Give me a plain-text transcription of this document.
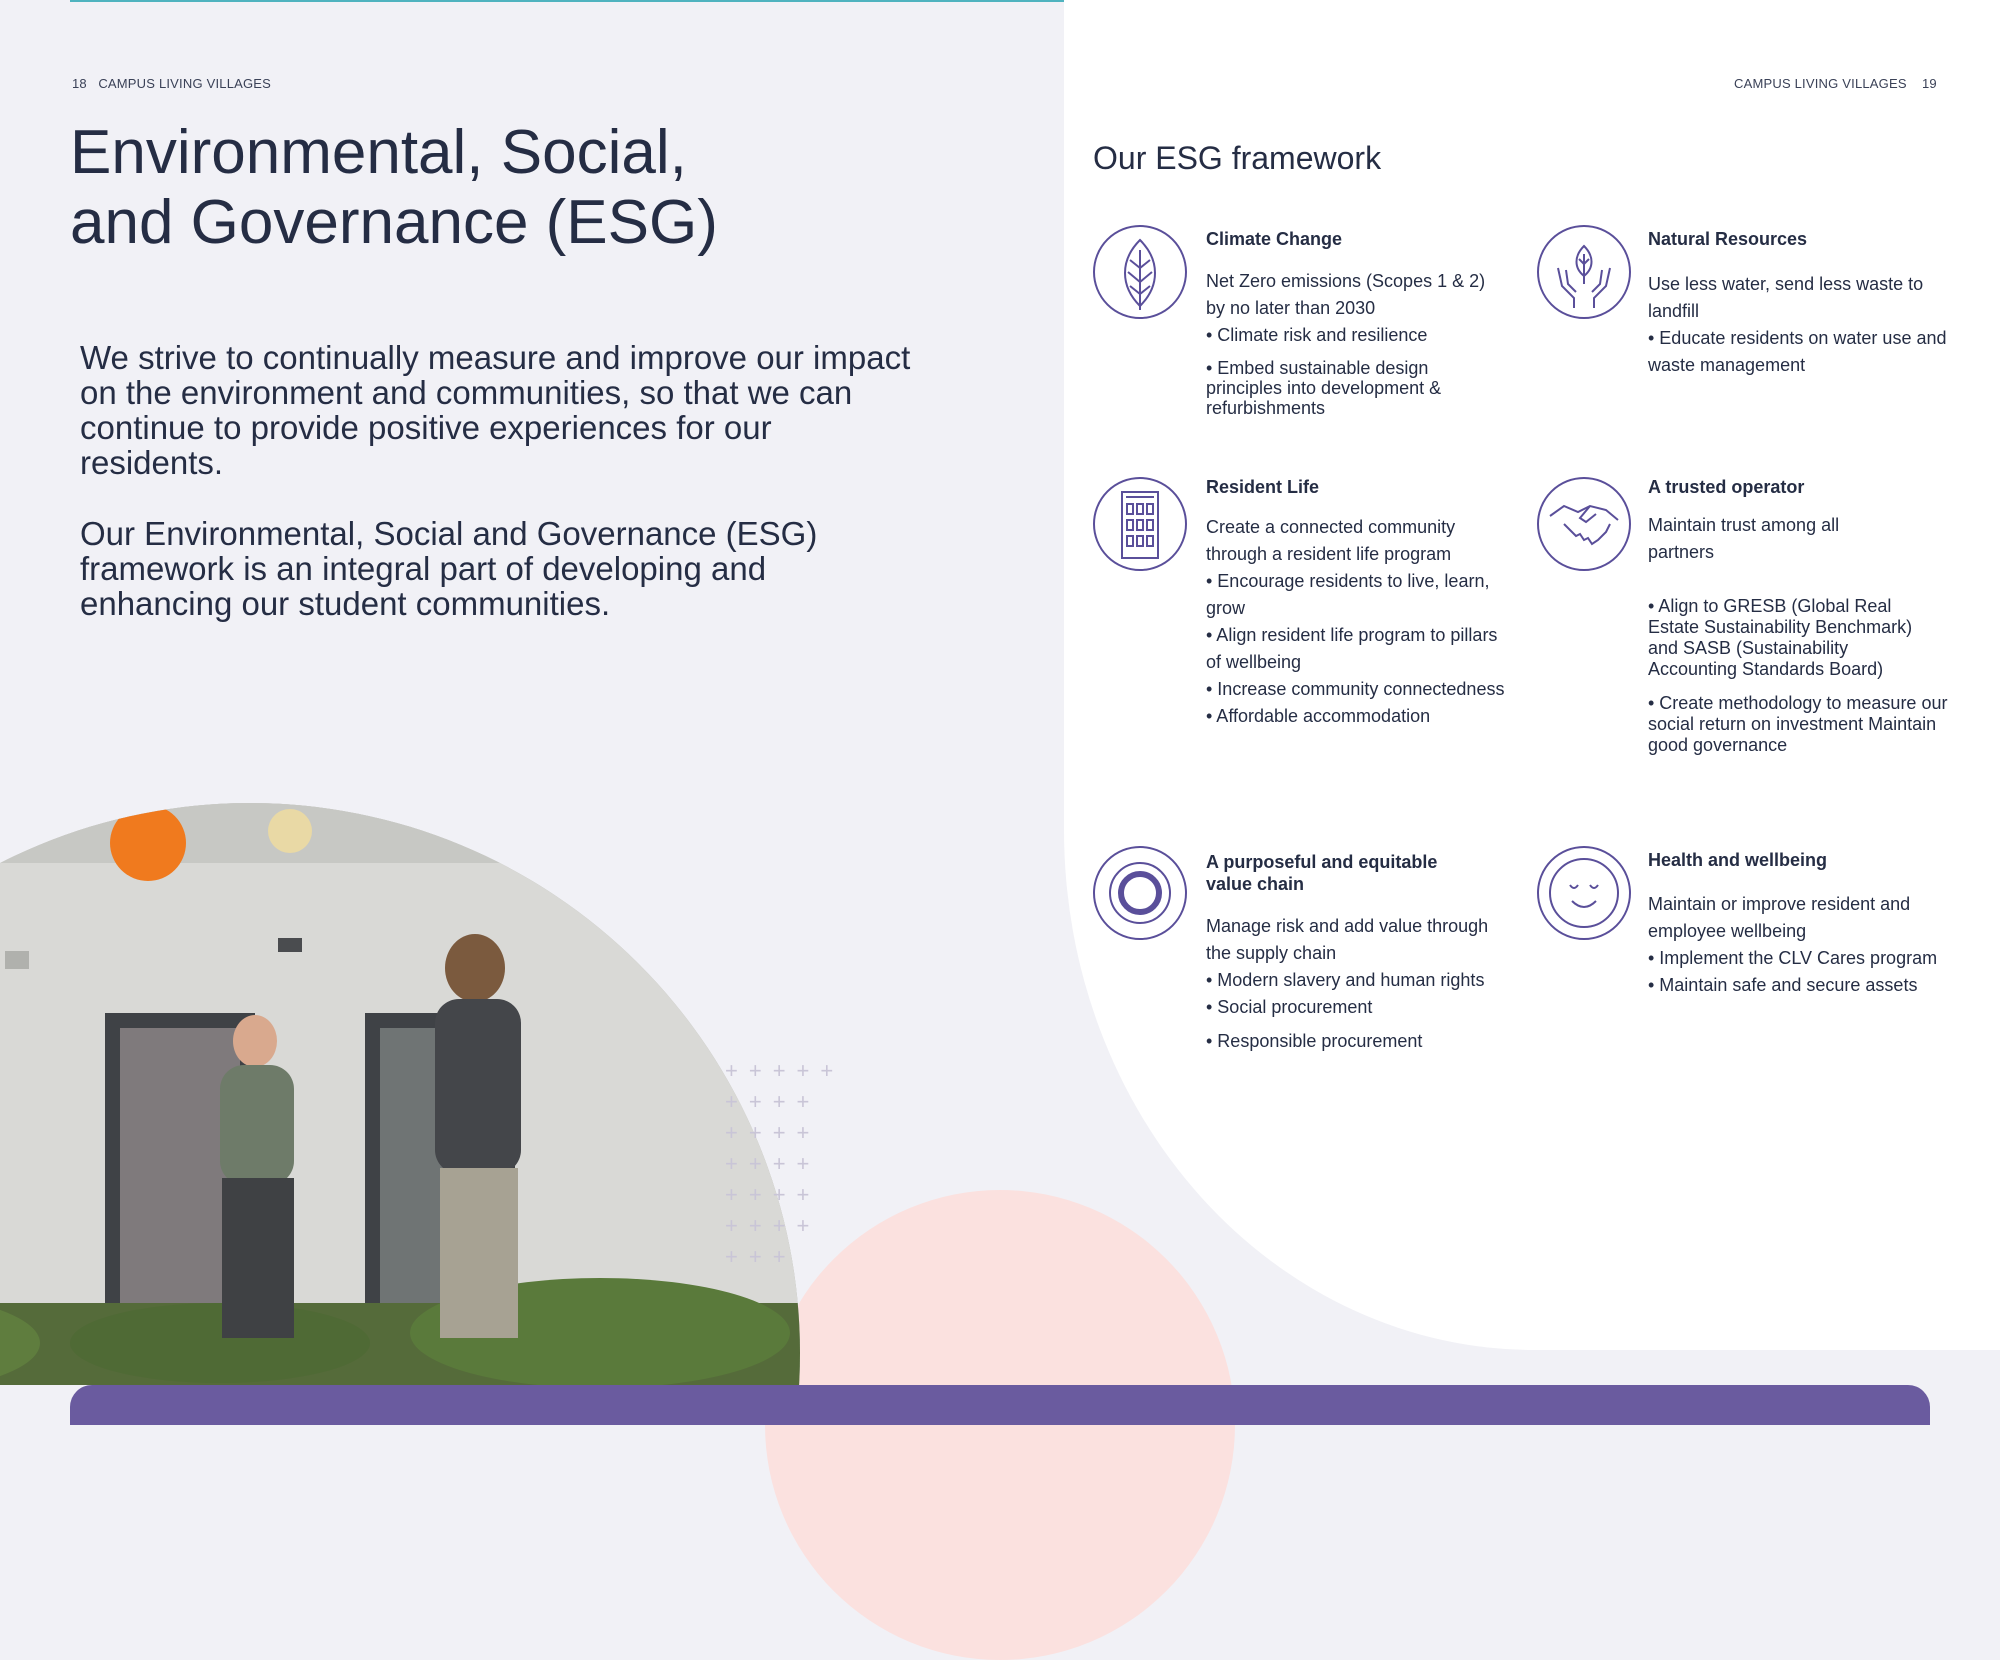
18 CAMPUS LIVING VILLAGES	CAMPUS LIVING VILLAGES 19
Environmental, Social,
and Governance (ESG)

We strive to continually measure and improve our impact on the environment and communities, so that we can continue to provide positive experiences for our residents.

Our Environmental, Social and Governance (ESG) framework is an integral part of developing and enhancing our student communities.

+++++
++++
++++
++++
++++
++++
+++
Our ESG framework
Climate Change
Net Zero emissions (Scopes 1 & 2) by no later than 2030
• Climate risk and resilience
• Embed sustainable design principles into development & refurbishments
Natural Resources
Use less water, send less waste to landfill
• Educate residents on water use and waste management
Resident Life
Create a connected community through a resident life program
• Encourage residents to live, learn, grow
• Align resident life program to pillars of wellbeing
• Increase community connectedness
• Affordable accommodation
A trusted operator
Maintain trust among all partners
• Align to GRESB (Global Real Estate Sustainability Benchmark) and SASB (Sustainability Accounting Standards Board)
• Create methodology to measure our social return on investment Maintain good governance
A purposeful and equitable value chain
Manage risk and add value through the supply chain
• Modern slavery and human rights
• Social procurement
• Responsible procurement
Health and wellbeing
Maintain or improve resident and employee wellbeing
• Implement the CLV Cares program
• Maintain safe and secure assets
